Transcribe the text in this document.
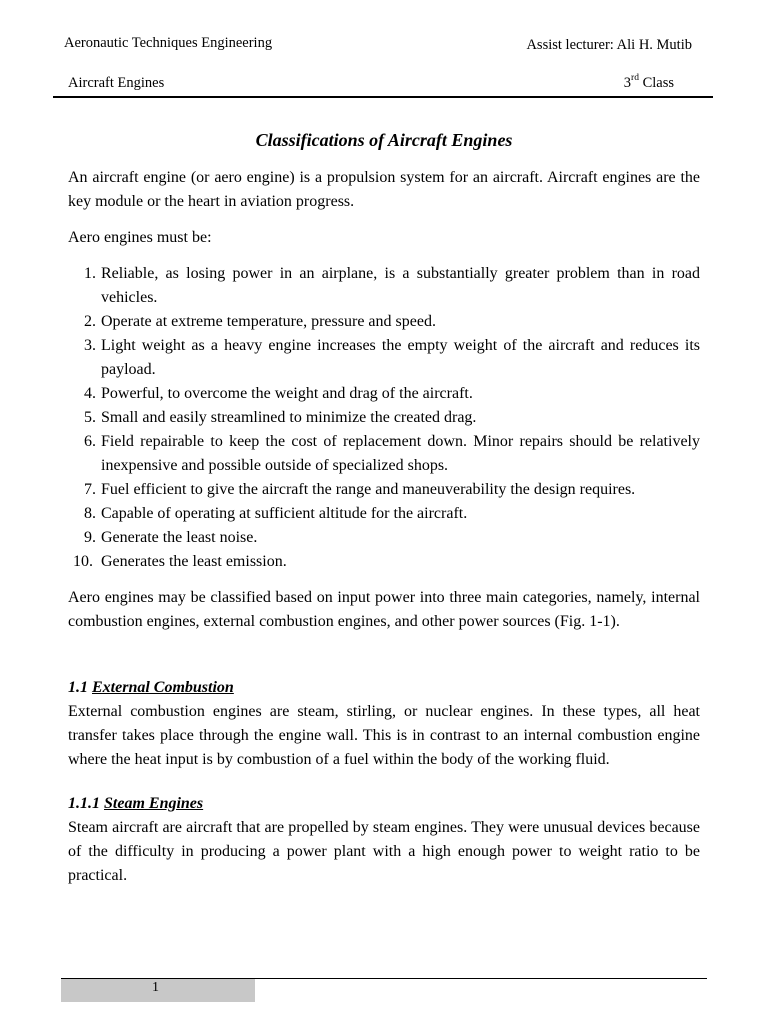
Aeronautic Techniques Engineering	Assist lecturer: Ali H. Mutib
Aircraft Engines	3rd Class
Classifications of Aircraft Engines

An aircraft engine (or aero engine) is a propulsion system for an aircraft. Aircraft engines are the key module or the heart in aviation progress.

Aero engines must be:

1. Reliable, as losing power in an airplane, is a substantially greater problem than in road vehicles.
2. Operate at extreme temperature, pressure and speed.
3. Light weight as a heavy engine increases the empty weight of the aircraft and reduces its payload.
4. Powerful, to overcome the weight and drag of the aircraft.
5. Small and easily streamlined to minimize the created drag.
6. Field repairable to keep the cost of replacement down. Minor repairs should be relatively inexpensive and possible outside of specialized shops.
7. Fuel efficient to give the aircraft the range and maneuverability the design requires.
8. Capable of operating at sufficient altitude for the aircraft.
9. Generate the least noise.
10. Generates the least emission.

Aero engines may be classified based on input power into three main categories, namely, internal combustion engines, external combustion engines, and other power sources (Fig. 1-1).

1.1 External Combustion

External combustion engines are steam, stirling, or nuclear engines. In these types, all heat transfer takes place through the engine wall. This is in contrast to an internal combustion engine where the heat input is by combustion of a fuel within the body of the working fluid.

1.1.1 Steam Engines

Steam aircraft are aircraft that are propelled by steam engines. They were unusual devices because of the difficulty in producing a power plant with a high enough power to weight ratio to be practical.

1
